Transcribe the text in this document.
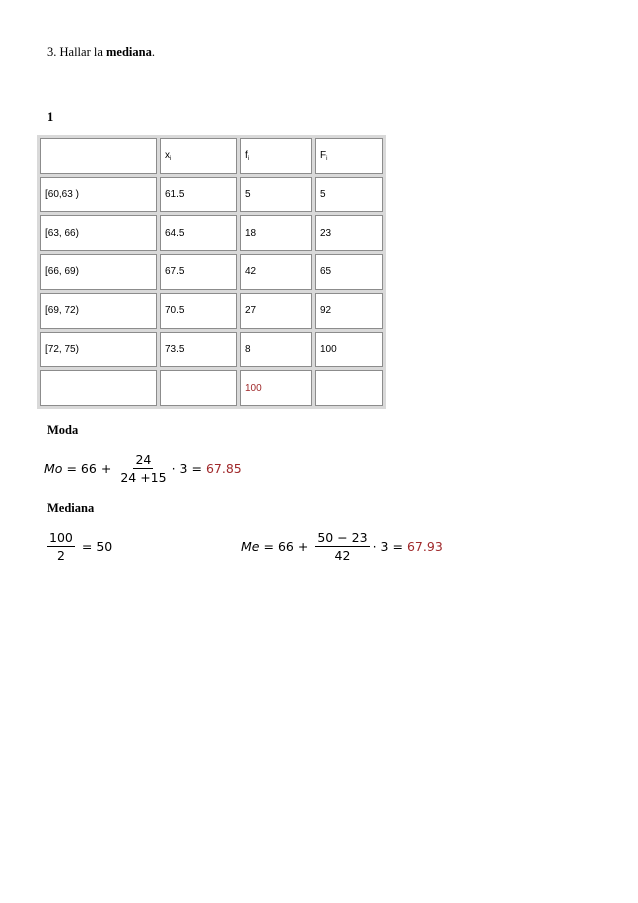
3. Hallar la mediana.
1
	$x_i$	$f_i$	$F_i$
[60,63 )	61.5	5	5
[63, 66)	64.5	18	23
[66, 69)	67.5	42	65
[69, 72)	70.5	27	92
[72, 75)	73.5	8	100
		100	
Moda
$Mo = 66 + \frac{24}{24 +15} \cdot 3 = 67.85$
Mediana
$\frac{100}{2} = 50$	$Me = 66 + \frac{50 - 23}{42} \cdot 3 = 67.93$
